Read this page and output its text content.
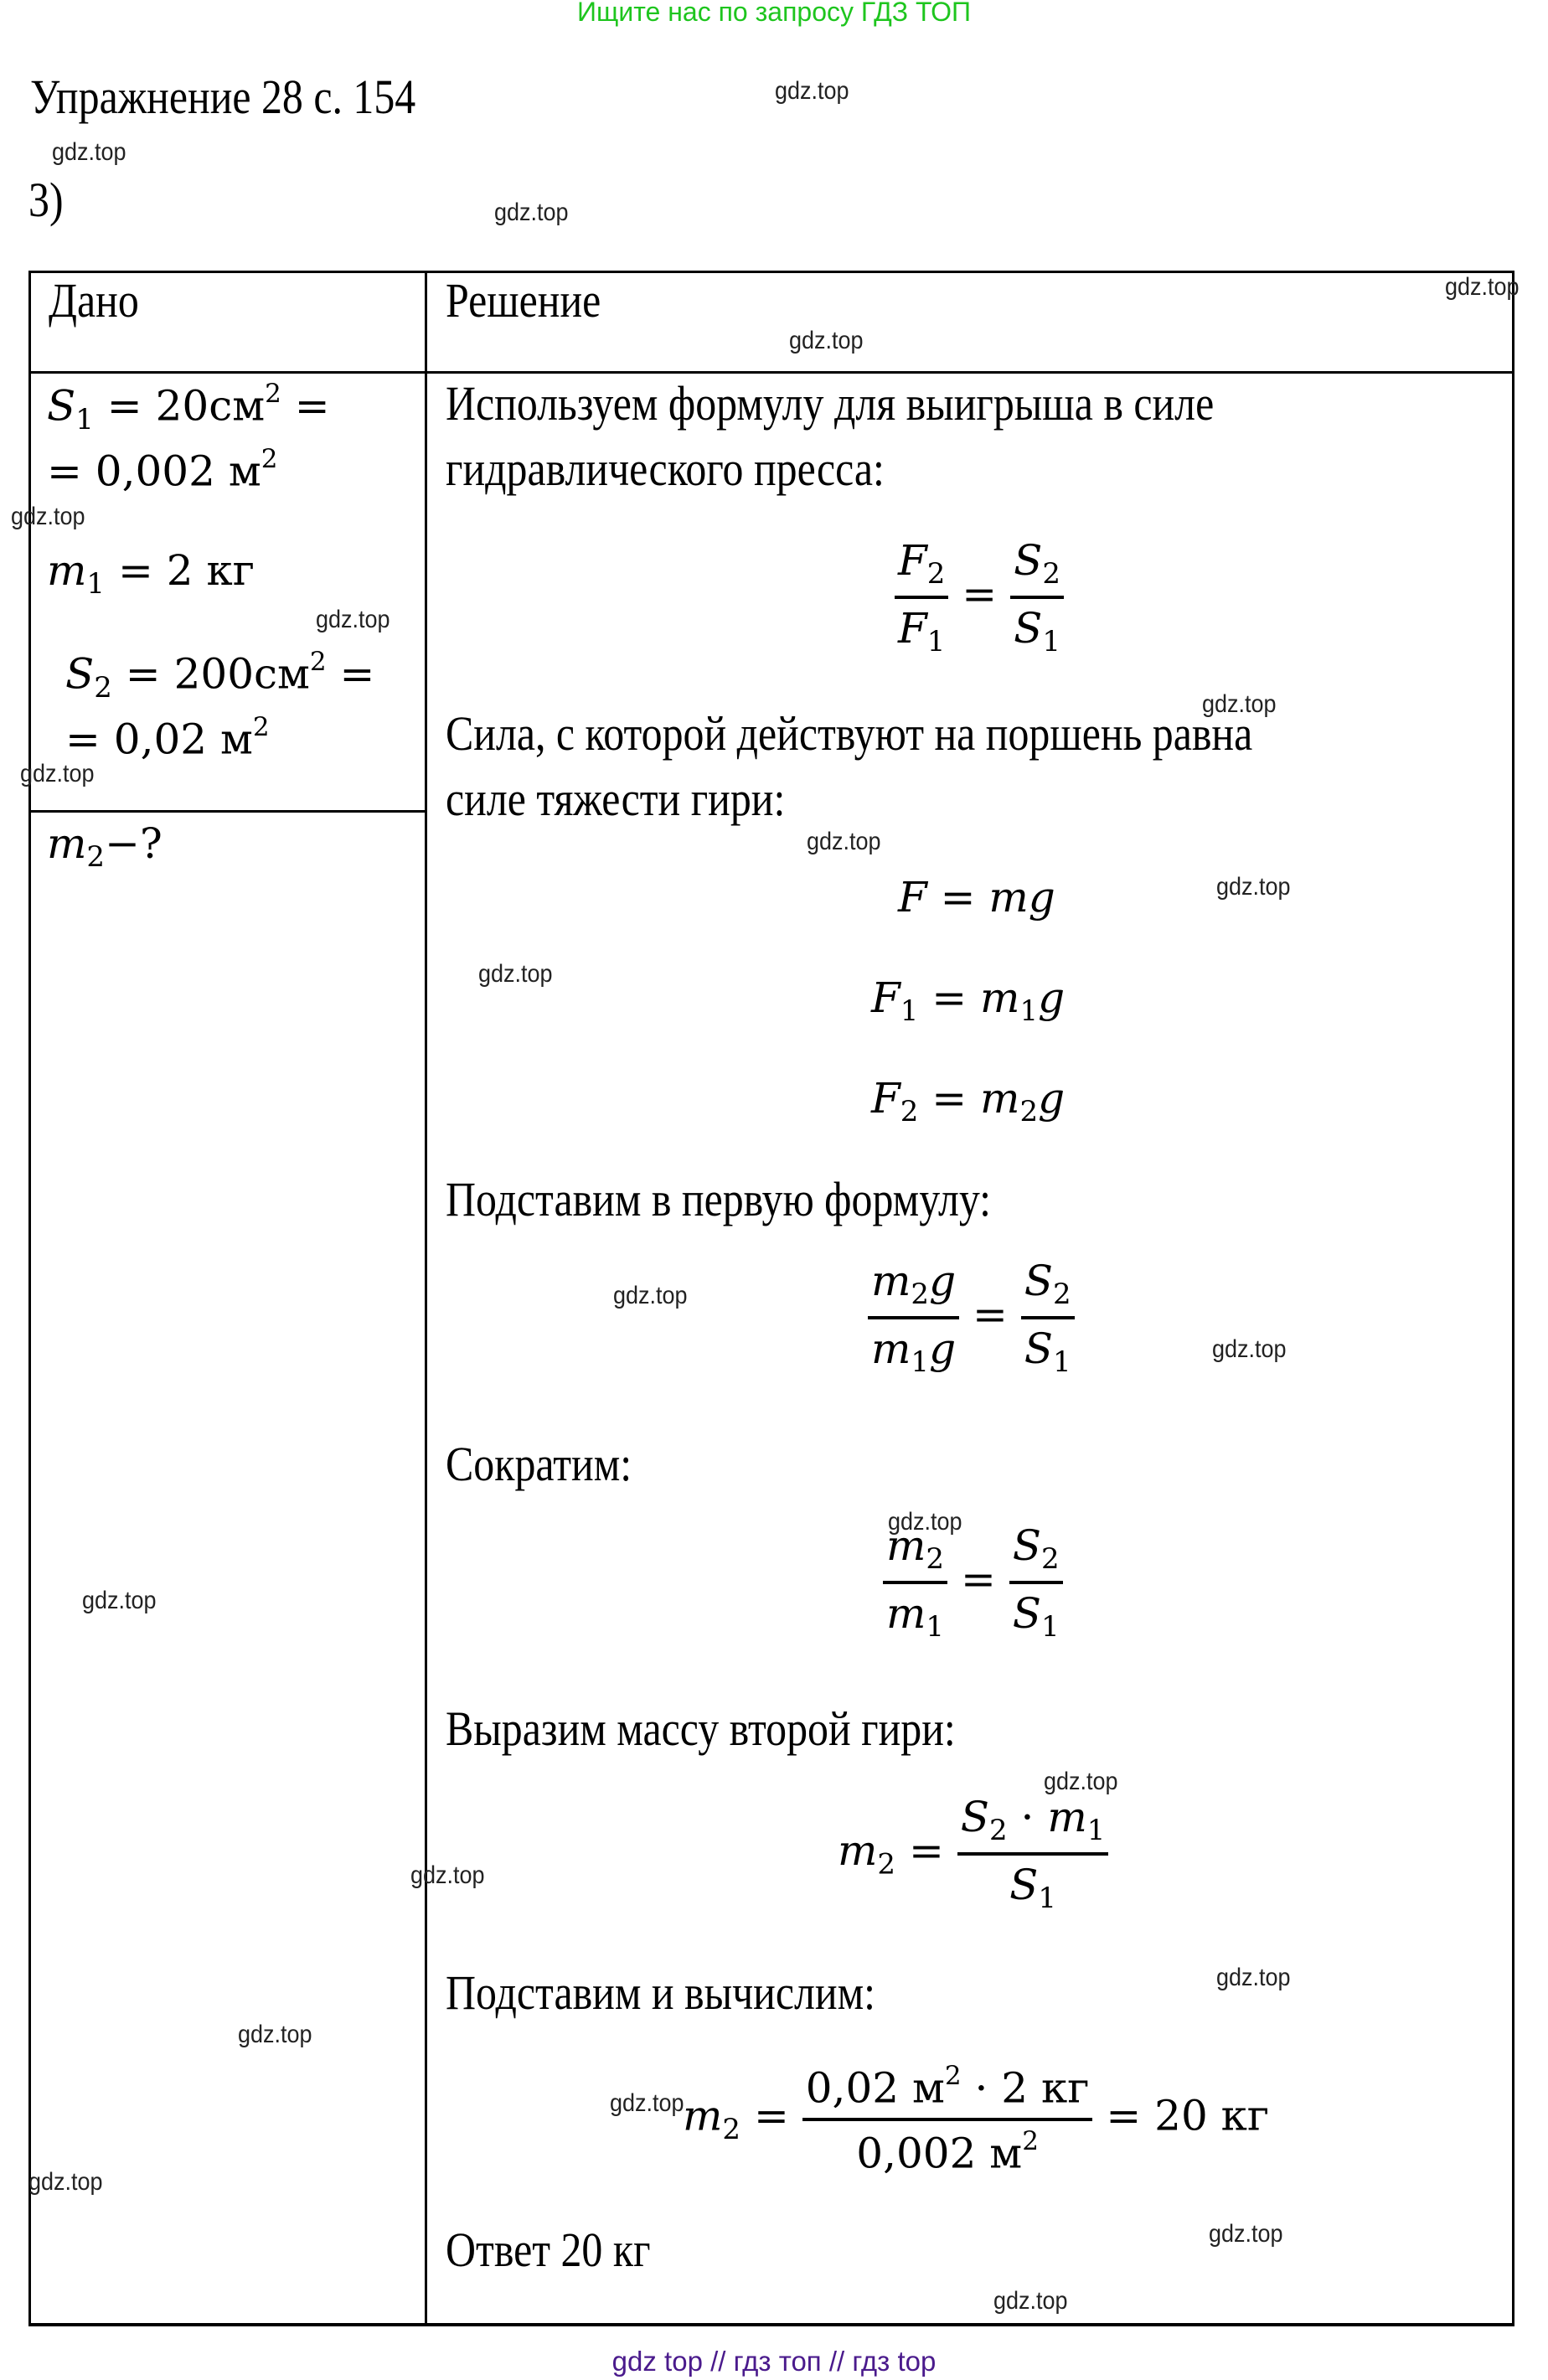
Ищите нас по запросу ГДЗ ТОП
Упражнение 28 с. 154
3)
Дано	Решение
$S_1 = 20см^2$ =
= 0,002 $м^2$
$m_1 = 2$ кг
$S_2 = 200см^2$ =
= 0,02 $м^2$
$m_2-$?
Используем формулу для выигрыша в силе
гидравлического пресса:
$\frac{F_2}{F_1} = \frac{S_2}{S_1}$
Сила, с которой действуют на поршень равна
силе тяжести гири:
F = mg
$F_1 = m_1g$
$F_2 = m_2g$
Подставим в первую формулу:
$\frac{m_2g}{m_1g} = \frac{S_2}{S_1}$
Сократим:
$\frac{m_2}{m_1} = \frac{S_2}{S_1}$
Выразим массу второй гири:
$m_2 = \frac{S_2 \cdot m_1}{S_1}$
Подставим и вычислим:
$m_2 = \frac{0,02 м^2 \cdot 2 кг}{0,002 м^2} = 20$ кг
Ответ 20 кг
gdz.top
gdz.top
gdz.top
gdz.top
gdz.top
gdz.top
gdz.top
gdz.top
gdz.top
gdz.top
gdz.top
gdz.top
gdz.top
gdz.top
gdz.top
gdz.top
gdz.top
gdz.top
gdz.top
gdz.top
gdz.top
gdz.top
gdz.top
gdz.top
gdz top // гдз топ // гдз top
